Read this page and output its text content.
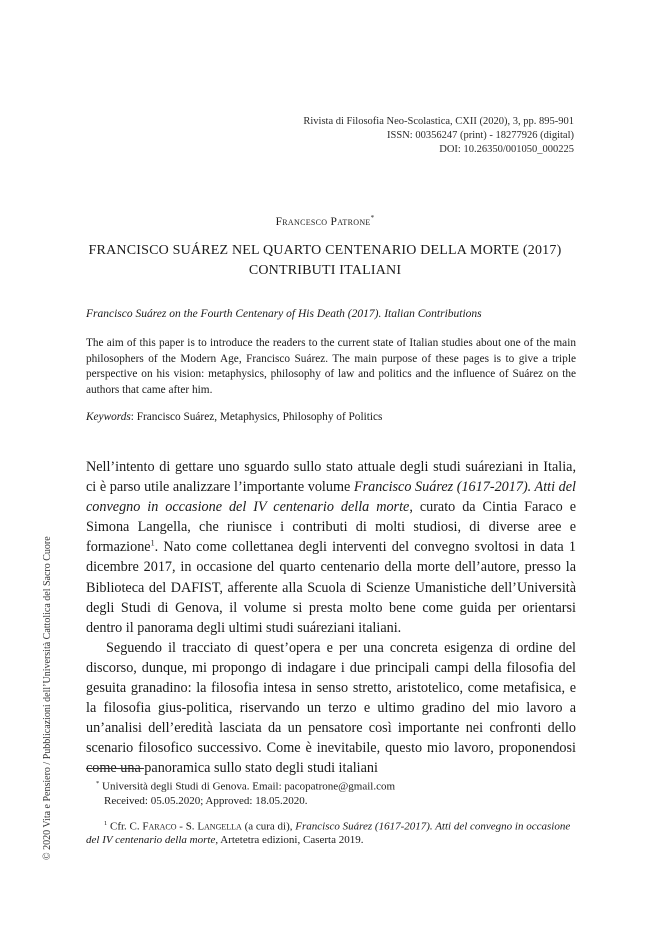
Rivista di Filosofia Neo-Scolastica, CXII (2020), 3, pp. 895-901
ISSN: 00356247 (print) - 18277926 (digital)
DOI: 10.26350/001050_000225
Francesco Patrone*
FRANCISCO SUÁREZ NEL QUARTO CENTENARIO DELLA MORTE (2017)
CONTRIBUTI ITALIANI
Francisco Suárez on the Fourth Centenary of His Death (2017). Italian Contributions
The aim of this paper is to introduce the readers to the current state of Italian studies about one of the main philosophers of the Modern Age, Francisco Suárez. The main purpose of these pages is to give a triple perspective on his vision: metaphysics, philosophy of law and politics and the influence of Suárez on the authors that came after him.
Keywords: Francisco Suárez, Metaphysics, Philosophy of Politics

Nell’intento di gettare uno sguardo sullo stato attuale degli studi suáreziani in Italia, ci è parso utile analizzare l’importante volume Francisco Suárez (1617-2017). Atti del convegno in occasione del IV centenario della morte, curato da Cintia Faraco e Simona Langella, che riunisce i contributi di molti studiosi, di diverse aree e formazione$^1$. Nato come collettanea degli interventi del convegno svoltosi in data 1 dicembre 2017, in occasione del quarto centenario della morte dell’autore, presso la Biblioteca del DAFIST, afferente alla Scuola di Scienze Umanistiche dell’Università degli Studi di Genova, il volume si presta molto bene come guida per orientarsi dentro il panorama degli ultimi studi suáreziani italiani.

Seguendo il tracciato di quest’opera e per una concreta esigenza di ordine del discorso, dunque, mi propongo di indagare i due principali campi della filosofia del gesuita granadino: la filosofia intesa in senso stretto, aristotelico, come metafisica, e la filosofia gius-politica, riservando un terzo e ultimo gradino del mio lavoro a un’analisi dell’eredità lasciata da un pensatore così importante nei confronti dello scenario filosofico successivo. Come è inevitabile, questo mio lavoro, proponendosi come una panoramica sullo stato degli studi italiani

* Università degli Studi di Genova. Email: pacopatrone@gmail.com
Received: 05.05.2020; Approved: 18.05.2020.

$^1$ Cfr. C. Faraco - S. Langella (a cura di), Francisco Suárez (1617-2017). Atti del convegno in occasione del IV centenario della morte, Artetetra edizioni, Caserta 2019.

© 2020 Vita e Pensiero / Pubblicazioni dell’Università Cattolica del Sacro Cuore
